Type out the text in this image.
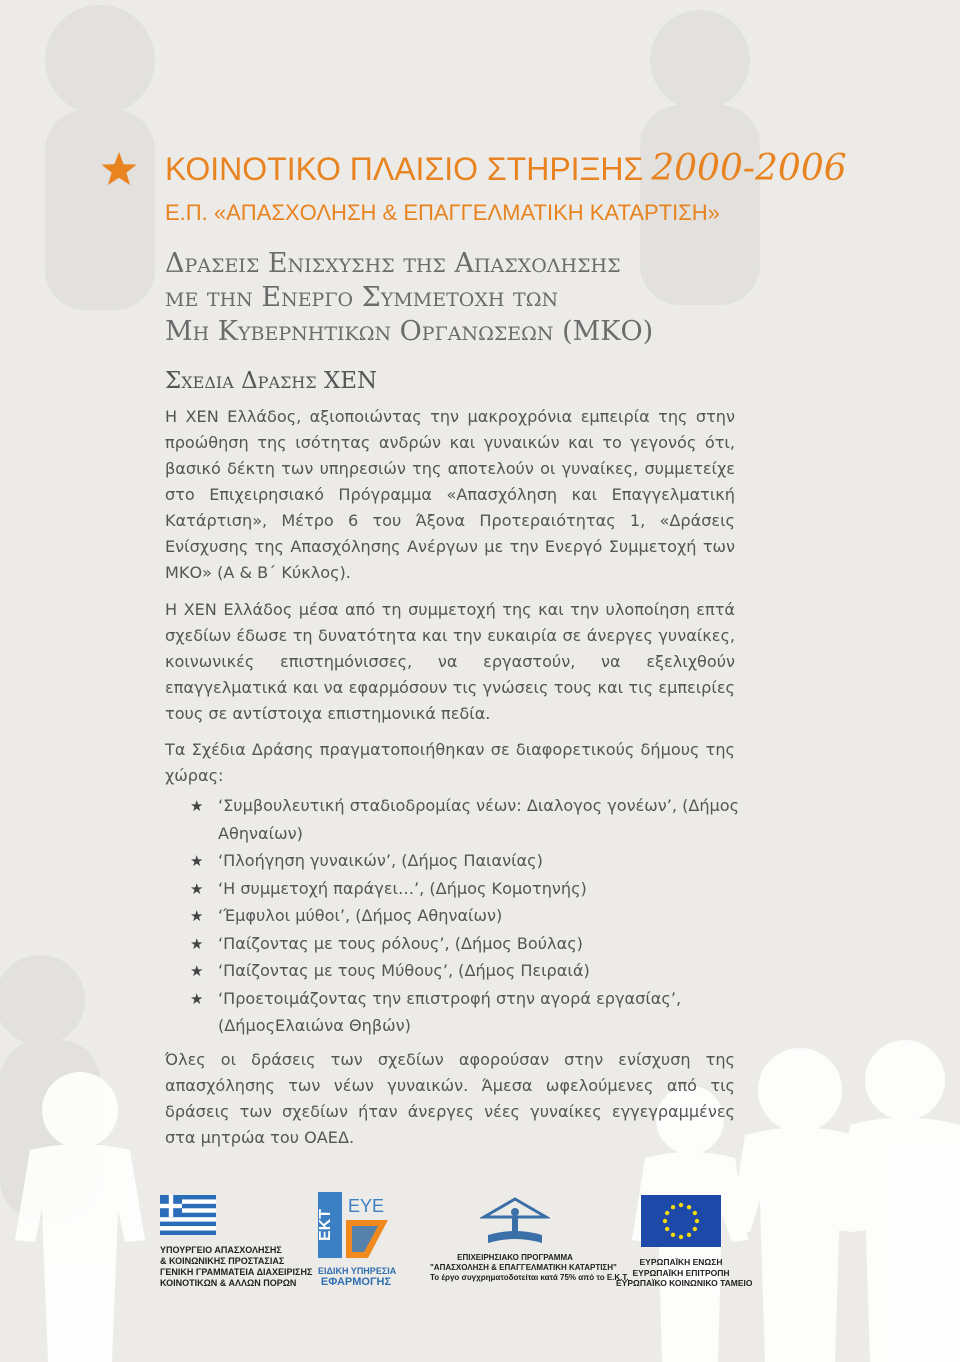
ΚΟΙΝΟΤΙΚΟ ΠΛΑΙΣΙΟ ΣΤΗΡΙΞΗΣ 2000-2006
Ε.Π. «ΑΠΑΣΧΟΛΗΣΗ & ΕΠΑΓΓΕΛΜΑΤΙΚΗ ΚΑΤΑΡΤΙΣΗ»
Δρασεις Ενισχυσης της Απασχολησης
με την Ενεργο Συμμετοχη των
Μη Κυβερνητικων Οργανωσεων (ΜΚΟ)
Σχεδια Δρασης ΧΕΝ
Η ΧΕΝ Ελλάδος, αξιοποιώντας την μακροχρόνια εμπειρία της στην προώθηση της ισότητας ανδρών και γυναικών και το γεγονός ότι, βασικό δέκτη των υπηρεσιών της αποτελούν οι γυναίκες, συμμετείχε στο Επιχειρησιακό Πρόγραμμα «Απασχόληση και Επαγγελματική Κατάρτιση», Μέτρο 6 του Άξονα Προτεραιότητας 1, «Δράσεις Ενίσχυσης της Απασχόλησης Ανέργων με την Ενεργό Συμμετοχή των ΜΚΟ» (Α & Β΄ Κύκλος).
Η ΧΕΝ Ελλάδος μέσα από τη συμμετοχή της και την υλοποίηση επτά σχεδίων έδωσε τη δυνατότητα και την ευκαιρία σε άνεργες γυναίκες, κοινωνικές επιστημόνισσες, να εργαστούν, να εξελιχθούν επαγγελματικά και να εφαρμόσουν τις γνώσεις τους και τις εμπειρίες τους σε αντίστοιχα επιστημονικά πεδία.
Τα Σχέδια Δράσης πραγματοποιήθηκαν σε διαφορετικούς δήμους της χώρας:
★ ‘Συμβουλευτική σταδιοδρομίας νέων: Διαλογος γονέων’, (Δήμος Αθηναίων)
★ ‘Πλοήγηση γυναικών’, (Δήμος Παιανίας)
★ ‘Η συμμετοχή παράγει…’, (Δήμος Κομοτηνής)
★ ‘Έμφυλοι μύθοι’, (Δήμος Αθηναίων)
★ ‘Παίζοντας με τους ρόλους’, (Δήμος Βούλας)
★ ‘Παίζοντας με τους Μύθους’, (Δήμος Πειραιά)
★ ‘Προετοιμάζοντας την επιστροφή στην αγορά εργασίας’, (ΔήμοςΕλαιώνα Θηβών)
Όλες οι δράσεις των σχεδίων αφορούσαν στην ενίσχυση της απασχόλησης των νέων γυναικών. Άμεσα ωφελούμενες από τις δράσεις των σχεδίων ήταν άνεργες νέες γυναίκες εγγεγραμμένες στα μητρώα του ΟΑΕΔ.
ΥΠΟΥΡΓΕΙΟ ΑΠΑΣΧΟΛΗΣΗΣ
& ΚΟΙΝΩΝΙΚΗΣ ΠΡΟΣΤΑΣΙΑΣ
ΓΕΝΙΚΗ ΓΡΑΜΜΑΤΕΙΑ ΔΙΑΧΕΙΡΙΣΗΣ
ΚΟΙΝΟΤΙΚΩΝ & ΑΛΛΩΝ ΠΟΡΩΝ
ΕΚΤ
ΕΥΕ
ΕΙΔΙΚΗ ΥΠΗΡΕΣΙΑ
ΕΦΑΡΜΟΓΗΣ
ΕΠΙΧΕΙΡΗΣΙΑΚΟ ΠΡΟΓΡΑΜΜΑ
"ΑΠΑΣΧΟΛΗΣΗ & ΕΠΑΓΓΕΛΜΑΤΙΚΗ ΚΑΤΑΡΤΙΣΗ"
Το έργο συγχρηματοδοτείται κατά 75% από το Ε.Κ.Τ.
ΕΥΡΩΠΑΪΚΗ ΕΝΩΣΗ
ΕΥΡΩΠΑΪΚΗ ΕΠΙΤΡΟΠΗ
ΕΥΡΩΠΑΪΚΟ ΚΟΙΝΩΝΙΚΟ ΤΑΜΕΙΟ
